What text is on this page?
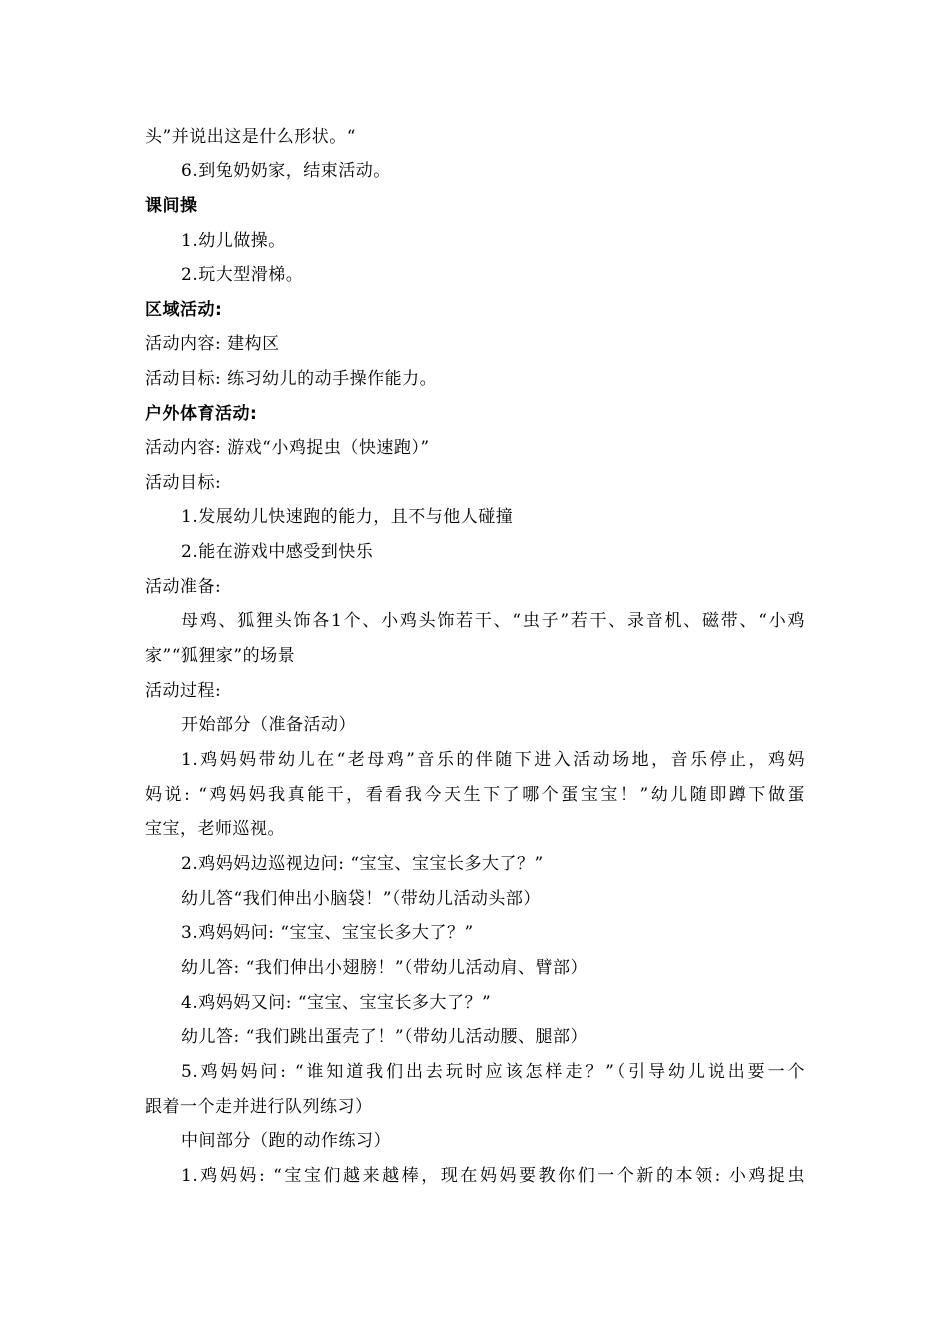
头”并说出这是什么形状。“
6.到兔奶奶家，结束活动。
课间操
1.幼儿做操。
2.玩大型滑梯。
区域活动:
活动内容: 建构区
活动目标: 练习幼儿的动手操作能力。
户外体育活动:
活动内容: 游戏“小鸡捉虫（快速跑）”
活动目标:
1.发展幼儿快速跑的能力，且不与他人碰撞
2.能在游戏中感受到快乐
活动准备:
母鸡、狐狸头饰各1个、小鸡头饰若干、“虫子”若干、录音机、磁带、“小鸡
家”“狐狸家”的场景
活动过程:
开始部分（准备活动）
1.鸡妈妈带幼儿在“老母鸡”音乐的伴随下进入活动场地，音乐停止，鸡妈
妈说: “鸡妈妈我真能干，看看我今天生下了哪个蛋宝宝！”幼儿随即蹲下做蛋
宝宝，老师巡视。
2.鸡妈妈边巡视边问: “宝宝、宝宝长多大了？”
幼儿答“我们伸出小脑袋！”（带幼儿活动头部）
3.鸡妈妈问: “宝宝、宝宝长多大了？”
幼儿答: “我们伸出小翅膀！”（带幼儿活动肩、臂部）
4.鸡妈妈又问: “宝宝、宝宝长多大了？”
幼儿答: “我们跳出蛋壳了！”（带幼儿活动腰、腿部）
5.鸡妈妈问: “谁知道我们出去玩时应该怎样走？”（引导幼儿说出要一个
跟着一个走并进行队列练习）
中间部分（跑的动作练习）
1.鸡妈妈: “宝宝们越来越棒，现在妈妈要教你们一个新的本领: 小鸡捉虫
